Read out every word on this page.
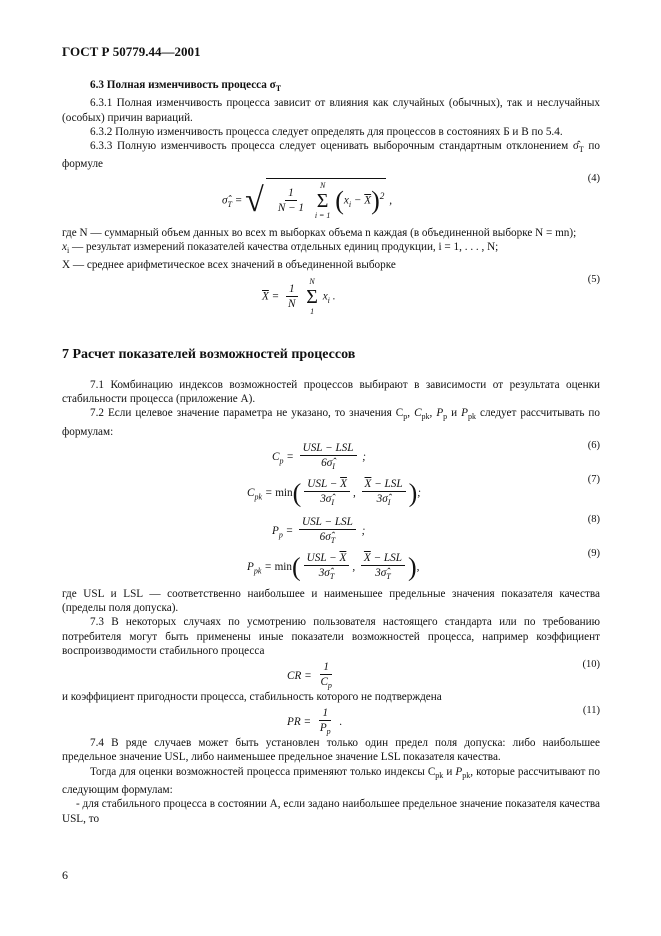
ГОСТ Р 50779.44—2001
6.3 Полная изменчивость процесса $\sigma_T$

6.3.1 Полная изменчивость процесса зависит от влияния как случайных (обычных), так и неслучайных (особых) причин вариаций.

6.3.2 Полную изменчивость процесса следует определять для процессов в состояниях Б и В по 5.4.

6.3.3 Полную изменчивость процесса следует оценивать выборочным стандартным отклонением $\sigmâ_T$ по формуле

$\sigmâ_T$ = √ $\frac{1}{N - 1}$

N
Σ
i = 1
$(x_i - \overline{X})^2$ ,
(4)
где N — суммарный объем данных во всех m выборках объема n каждая (в объединенной выборке N = mn);
$x_i$ — результат измерений показателей качества отдельных единиц продукции, i = 1, . . . , N;
X — среднее арифметическое всех значений в объединенной выборке
$\overline{X} = \frac{1}{N}$

N
Σ
1
$x_i$ .
(5)
7 Расчет показателей возможностей процессов

7.1 Комбинацию индексов возможностей процессов выбирают в зависимости от результата оценки стабильности процесса (приложение А).

7.2 Если целевое значение параметра не указано, то значения $C_p$, $C_{pk}$, $P_p$ и $P_{pk}$ следует рассчитывать по формулам:

$C_p = \frac{\text{USL − LSL}}{6\sigmâ_I}$ ;
(6)
$C_{pk} = \min( \frac{USL - \overline{X}}{3\sigmâ_I}$ , $\frac{\overline{X} - LSL}{3\sigmâ_I}$ );
(7)
$P_p = \frac{\text{USL − LSL}}{6\sigmâ_T}$ ;
(8)
$P_{pk} = \min( \frac{USL - \overline{X}}{3\sigmâ_T}$ , $\frac{\overline{X} - LSL}{3\sigmâ_T}$ ),
(9)

где USL и LSL — соответственно наибольшее и наименьшее предельные значения показателя качества (пределы поля допуска).

7.3 В некоторых случаях по усмотрению пользователя настоящего стандарта или по требованию потребителя могут быть применены иные показатели возможностей процесса, например коэффициент воспроизводимости стабильного процесса

CR = $\frac{1}{C_p}$	(10)

и коэффициент пригодности процесса, стабильность которого не подтверждена

PR = $\frac{1}{P_p}$ .
(11)

7.4 В ряде случаев может быть установлен только один предел поля допуска: либо наибольшее предельное значение USL, либо наименьшее предельное значение LSL показателя качества.

Тогда для оценки возможностей процесса применяют только индексы $C_{pk}$ и $P_{pk}$, которые рассчитывают по следующим формулам:

- для стабильного процесса в состоянии А, если задано наибольшее предельное значение показателя качества USL, то

6
